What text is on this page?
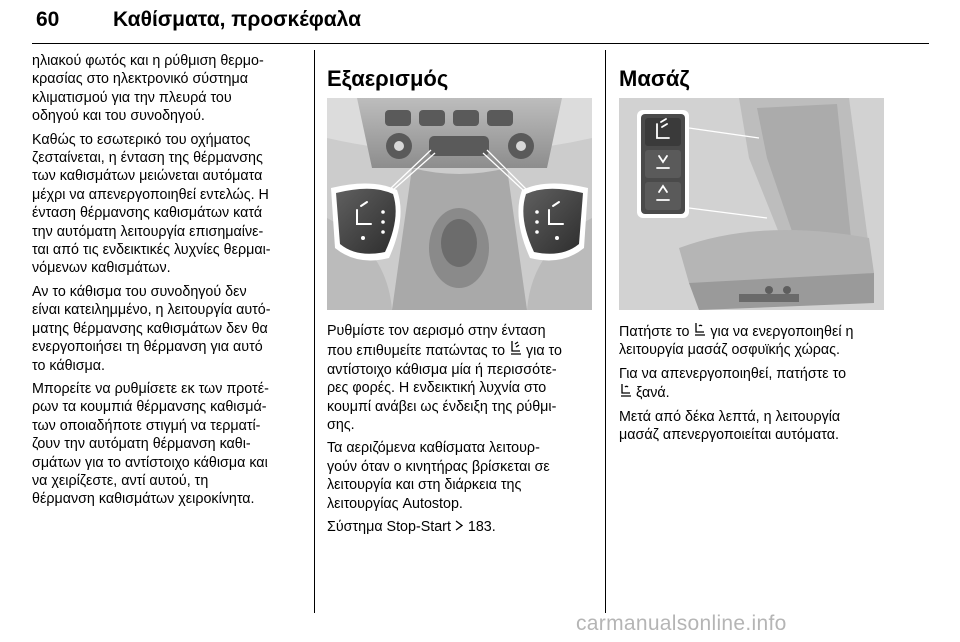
60	Καθίσματα, προσκέφαλα

ηλιακού φωτός και η ρύθμιση θερμο-
κρασίας στο ηλεκτρονικό σύστημα
κλιματισμού για την πλευρά του
οδηγού και του συνοδηγού.

Καθώς το εσωτερικό του οχήματος
ζεσταίνεται, η ένταση της θέρμανσης
των καθισμάτων μειώνεται αυτόματα
μέχρι να απενεργοποιηθεί εντελώς. Η
ένταση θέρμανσης καθισμάτων κατά
την αυτόματη λειτουργία επισημαίνε-
ται από τις ενδεικτικές λυχνίες θερμαι-
νόμενων καθισμάτων.

Αν το κάθισμα του συνοδηγού δεν
είναι κατειλημμένο, η λειτουργία αυτό-
ματης θέρμανσης καθισμάτων δεν θα
ενεργοποιήσει τη θέρμανση για αυτό
το κάθισμα.

Μπορείτε να ρυθμίσετε εκ των προτέ-
ρων τα κουμπιά θέρμανσης καθισμά-
των οποιαδήποτε στιγμή να τερματί-
ζουν την αυτόματη θέρμανση καθι-
σμάτων για το αντίστοιχο κάθισμα και
να χειρίζεστε, αντί αυτού, τη
θέρμανση καθισμάτων χειροκίνητα.

Εξαερισμός

Ρυθμίστε τον αερισμό στην ένταση
που επιθυμείτε πατώντας το για το
αντίστοιχο κάθισμα μία ή περισσότε-
ρες φορές. Η ενδεικτική λυχνία στο
κουμπί ανάβει ως ένδειξη της ρύθμι-
σης.

Τα αεριζόμενα καθίσματα λειτουρ-
γούν όταν ο κινητήρας βρίσκεται σε
λειτουργία και στη διάρκεια της
λειτουργίας Autostop.

Σύστημα Stop-Start 183.

Μασάζ

Πατήστε το για να ενεργοποιηθεί η
λειτουργία μασάζ οσφυϊκής χώρας.

Για να απενεργοποιηθεί, πατήστε το
ξανά.

Μετά από δέκα λεπτά, η λειτουργία
μασάζ απενεργοποιείται αυτόματα.

carmanualsonline.info
